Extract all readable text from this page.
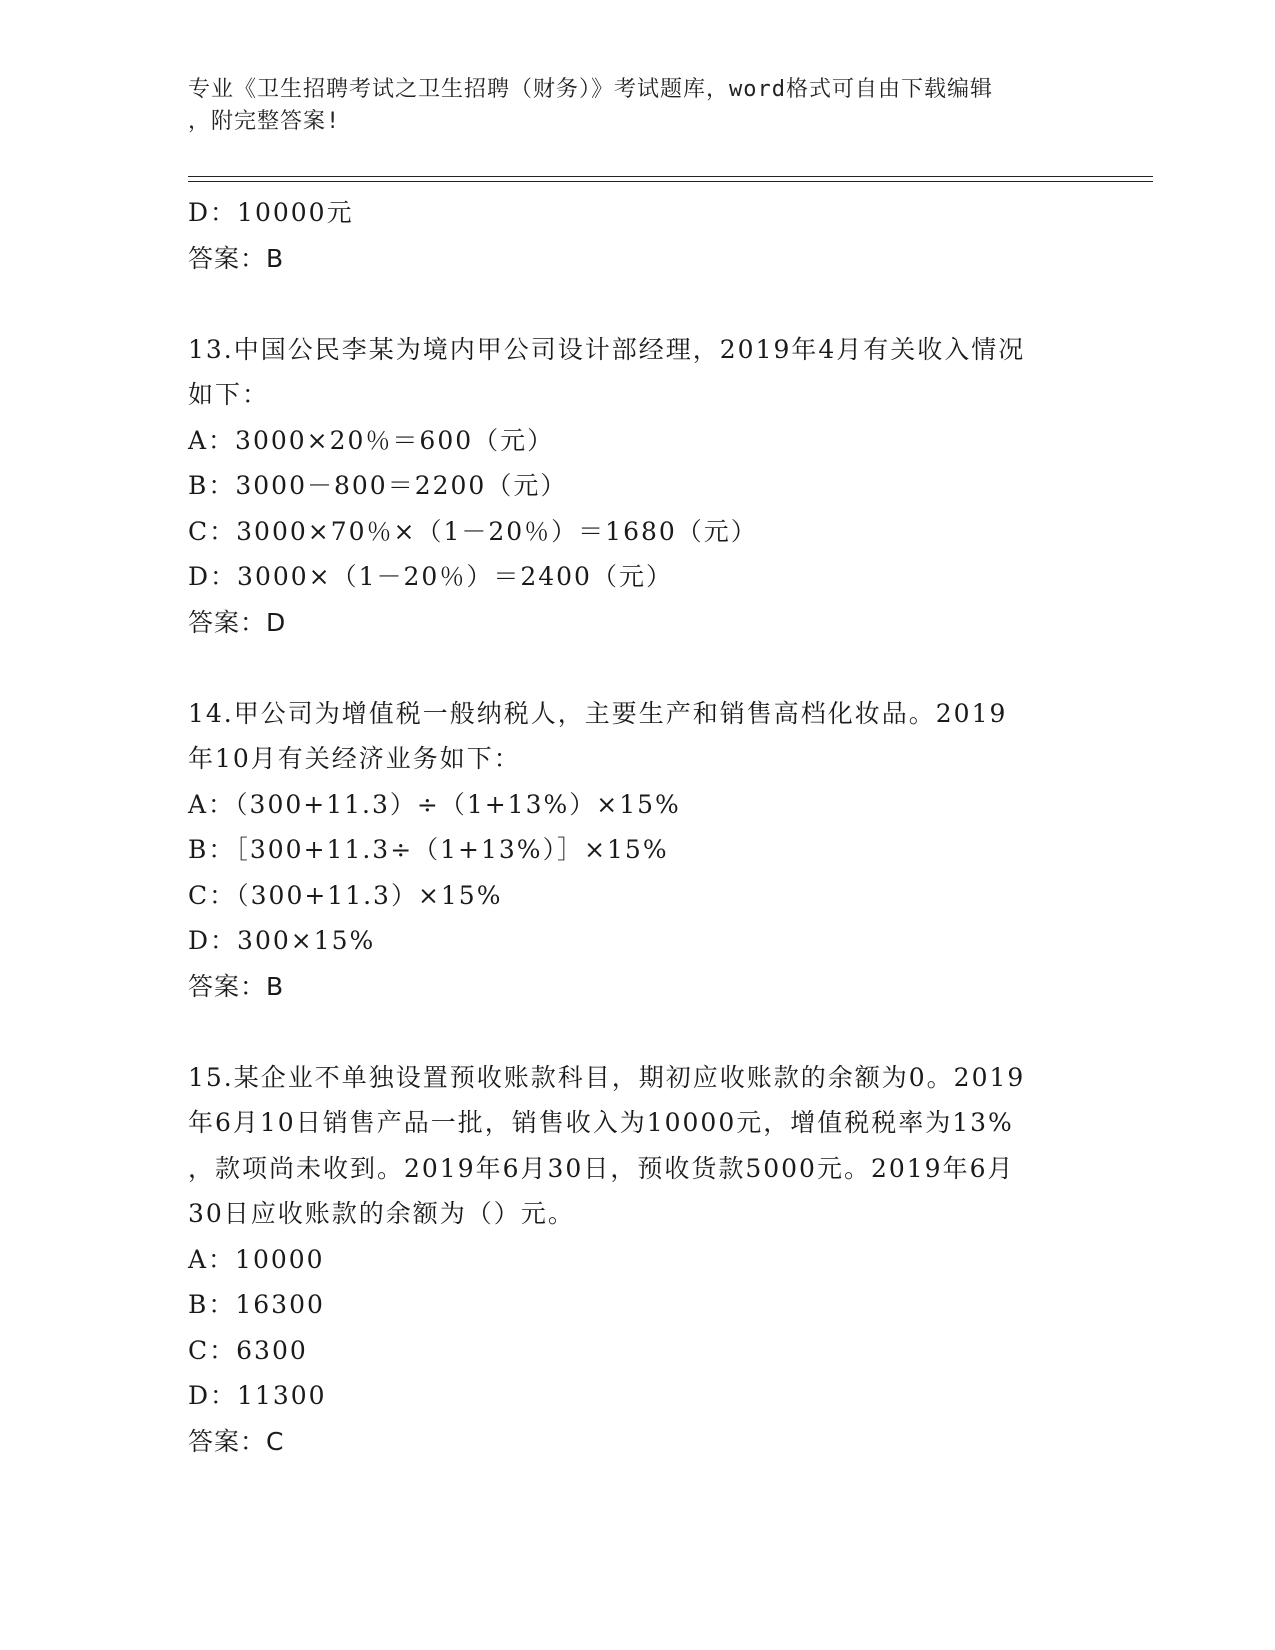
专业《卫生招聘考试之卫生招聘（财务）》考试题库，word格式可自由下载编辑

，附完整答案!

D：10000元
答案：B
13.中国公民李某为境内甲公司设计部经理，2019年4月有关收入情况
如下：
A：3000×20％＝600（元）
B：3000－800＝2200（元）
C：3000×70％×（1－20％）＝1680（元）
D：3000×（1－20％）＝2400（元）
答案：D
14.甲公司为增值税一般纳税人，主要生产和销售高档化妆品。2019
年10月有关经济业务如下：
A：（300+11.3）÷（1+13%）×15%
B：［300+11.3÷（1+13%）］×15%
C：（300+11.3）×15%
D：300×15%
答案：B
15.某企业不单独设置预收账款科目，期初应收账款的余额为0。2019
年6月10日销售产品一批，销售收入为10000元，增值税税率为13%
，款项尚未收到。2019年6月30日，预收货款5000元。2019年6月
30日应收账款的余额为（）元。
A：10000
B：16300
C：6300
D：11300
答案：C
